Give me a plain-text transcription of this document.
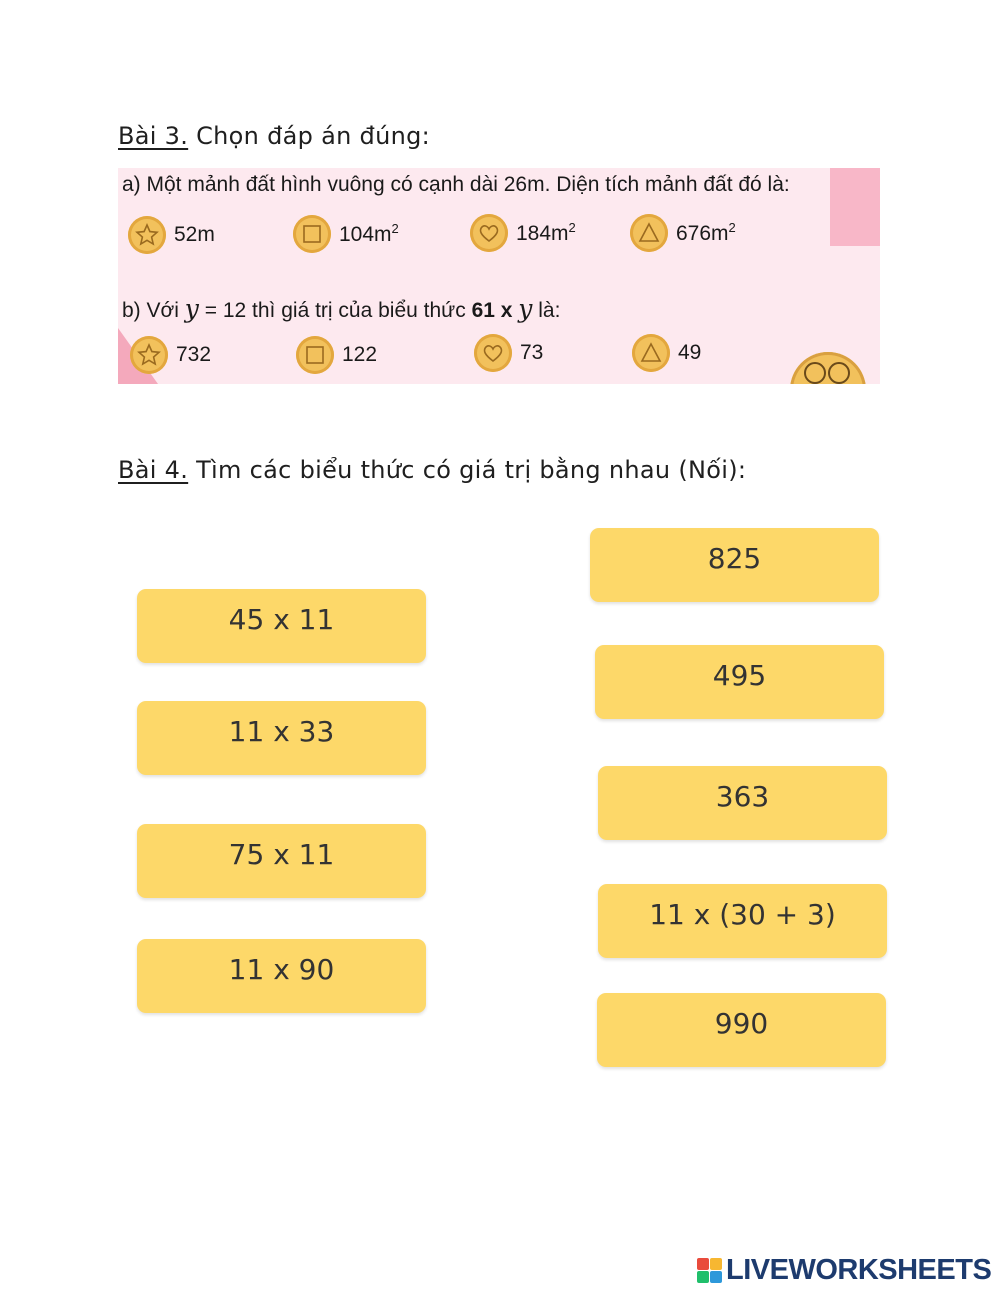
Bài 3. Chọn đáp án đúng:
a) Một mảnh đất hình vuông có cạnh dài 26m. Diện tích mảnh đất đó là:
52m	$104m^2$	$184m^2$	$676m^2$
b) Với y = 12 thì giá trị của biểu thức 61 x y là:
732	122	73	49
Bài 4. Tìm các biểu thức có giá trị bằng nhau (Nối):
45 x 11
11 x 33
75 x 11
11 x 90
825
495
363
11 x (30 + 3)
990
LIVEWORKSHEETS
